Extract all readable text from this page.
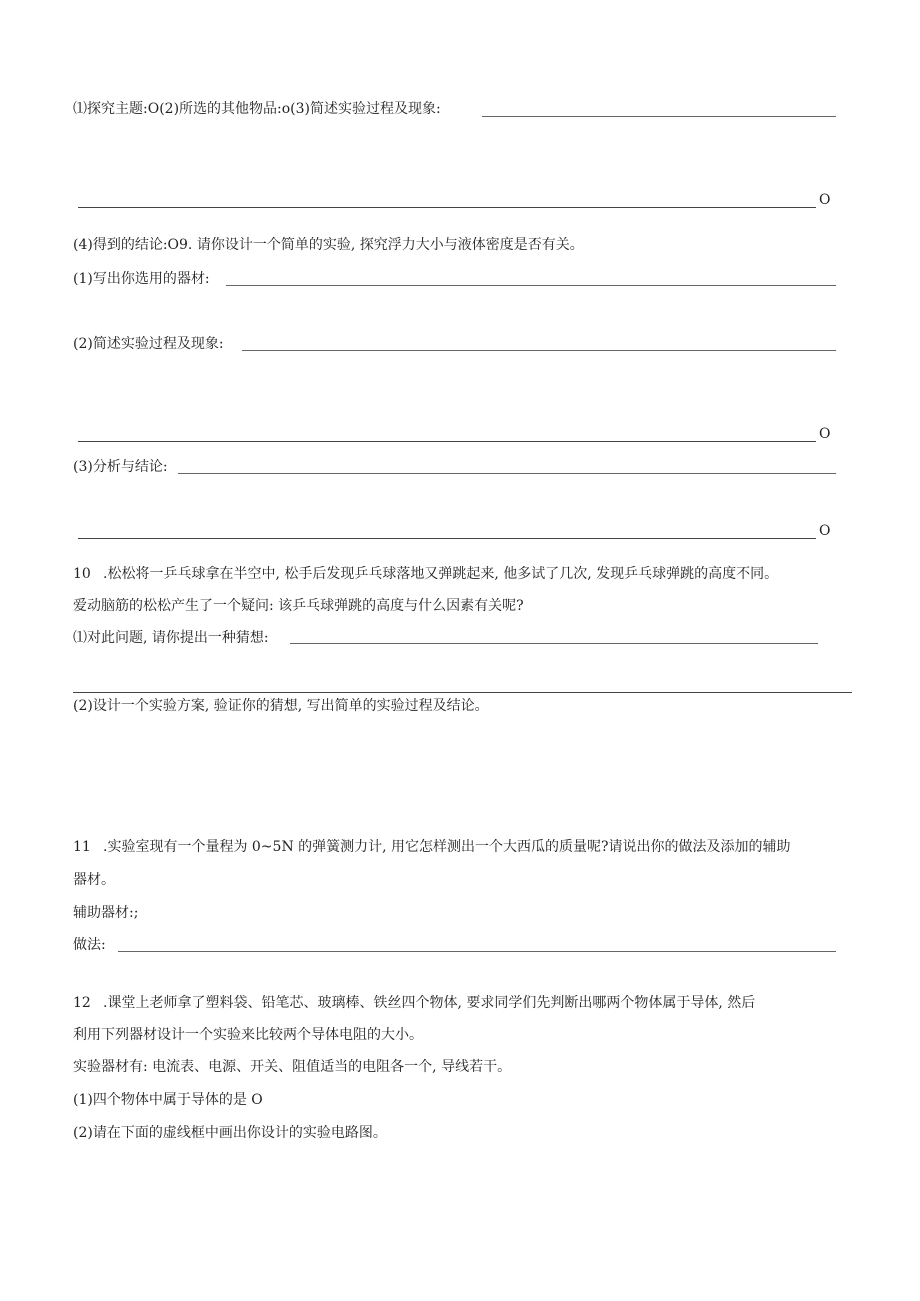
⑴探究主题:O(2)所选的其他物品:o(3)简述实验过程及现象:
O
(4)得到的结论:O9. 请你设计一个简单的实验, 探究浮力大小与液体密度是否有关。
(1)写出你选用的器材:
(2)简述实验过程及现象:
O
(3)分析与结论:
O
10 .松松将一乒乓球拿在半空中, 松手后发现乒乓球落地又弹跳起来, 他多试了几次, 发现乒乓球弹跳的高度不同。
爱动脑筋的松松产生了一个疑问: 该乒乓球弹跳的高度与什么因素有关呢?
⑴对此问题, 请你提出一种猜想:
(2)设计一个实验方案, 验证你的猜想, 写出简单的实验过程及结论。
11 .实验室现有一个量程为 0~5N 的弹簧测力计, 用它怎样测出一个大西瓜的质量呢?请说出你的做法及添加的辅助
器材。
辅助器材:;
做法:
12 .课堂上老师拿了塑料袋、铅笔芯、玻璃棒、铁丝四个物体, 要求同学们先判断出哪两个物体属于导体, 然后
利用下列器材设计一个实验来比较两个导体电阻的大小。
实验器材有: 电流表、电源、开关、阻值适当的电阻各一个, 导线若干。
(1)四个物体中属于导体的是 O
(2)请在下面的虚线框中画出你设计的实验电路图。
